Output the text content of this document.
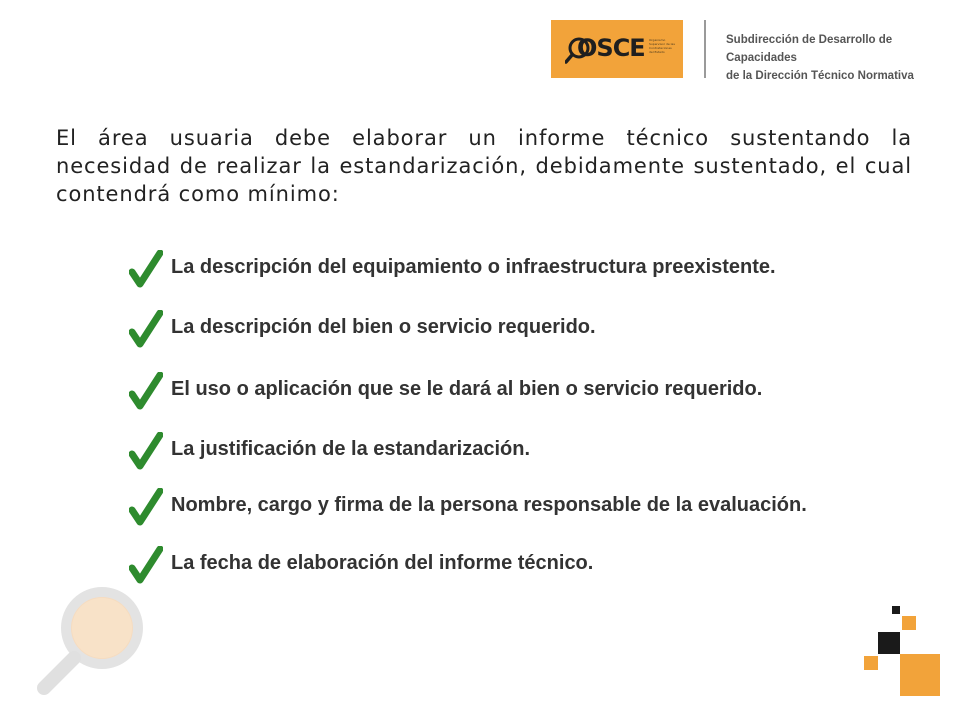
OSCE Organismo Supervisor de las Contrataciones del Estado
Subdirección de Desarrollo de Capacidades
de la Dirección Técnico Normativa
El área usuaria debe elaborar un informe técnico sustentando la necesidad de realizar la estandarización, debidamente sustentado, el cual contendrá como mínimo:
La descripción del equipamiento o infraestructura preexistente.
La descripción del bien o servicio requerido.
El uso o aplicación que se le dará al bien o servicio requerido.
La justificación de la estandarización.
Nombre, cargo y firma de la persona responsable de la evaluación.
La fecha de elaboración del informe técnico.
